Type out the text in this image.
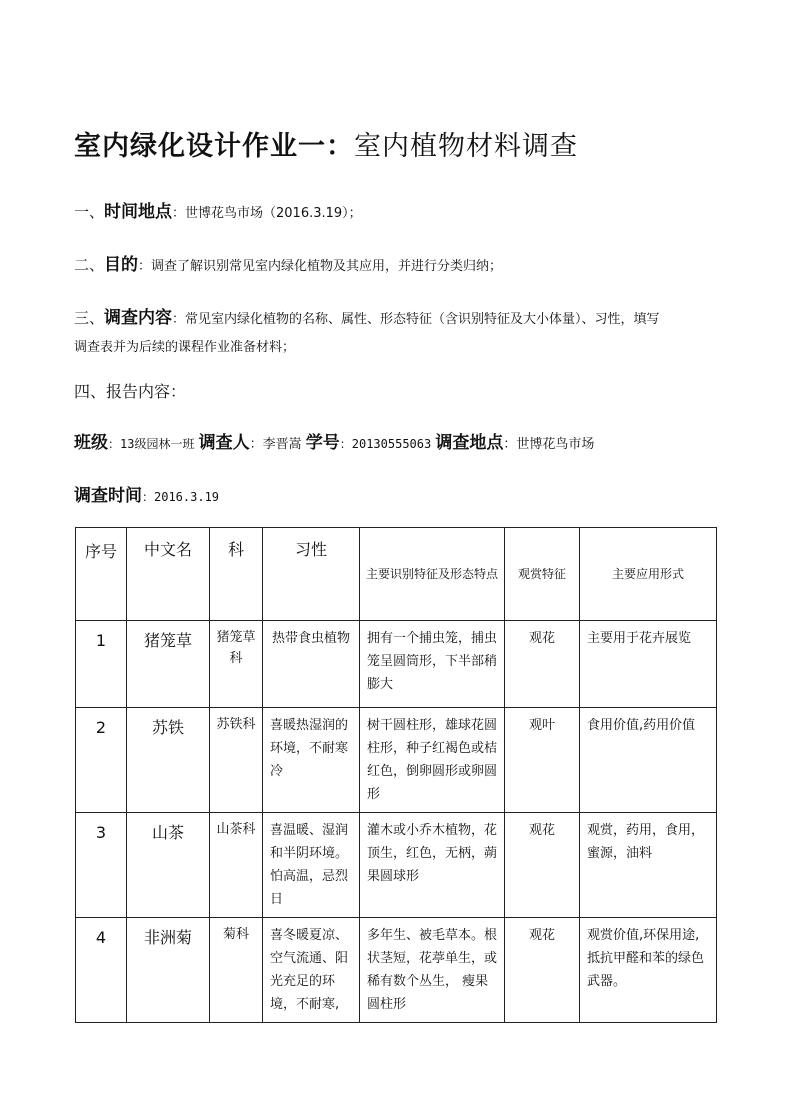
室内绿化设计作业一：室内植物材料调查
一、时间地点：世博花鸟市场（2016.3.19）；
二、目的：调查了解识别常见室内绿化植物及其应用，并进行分类归纳；
三、调查内容：常见室内绿化植物的名称、属性、形态特征（含识别特征及大小体量）、习性，填写
调查表并为后续的课程作业准备材料；
四、报告内容：
班级：13级园林一班 调查人：李晋嵩 学号：20130555063 调查地点：世博花鸟市场
调查时间：2016.3.19
序号	中文名	科	习性	主要识别特征及形态特点	观赏特征	主要应用形式

1	猪笼草	猪笼草科	热带食虫植物	拥有一个捕虫笼，捕虫笼呈圆筒形，下半部稍膨大	观花	主要用于花卉展览

2	苏铁	苏铁科	喜暖热湿润的环境，不耐寒冷	树干圆柱形，雄球花圆柱形，种子红褐色或桔红色，倒卵圆形或卵圆形	观叶	食用价值,药用价值

3	山茶	山茶科	喜温暖、湿润和半阴环境。怕高温，忌烈日	灌木或小乔木植物，花顶生，红色，无柄，蒴果圆球形	观花	观赏，药用，食用，蜜源，油料

4	非洲菊	菊科	喜冬暖夏凉、空气流通、阳光充足的环境，不耐寒,	多年生、被毛草本。根状茎短，花葶单生，或稀有数个丛生， 瘦果圆柱形	观花	观赏价值,环保用途,抵抗甲醛和苯的绿色武器。
